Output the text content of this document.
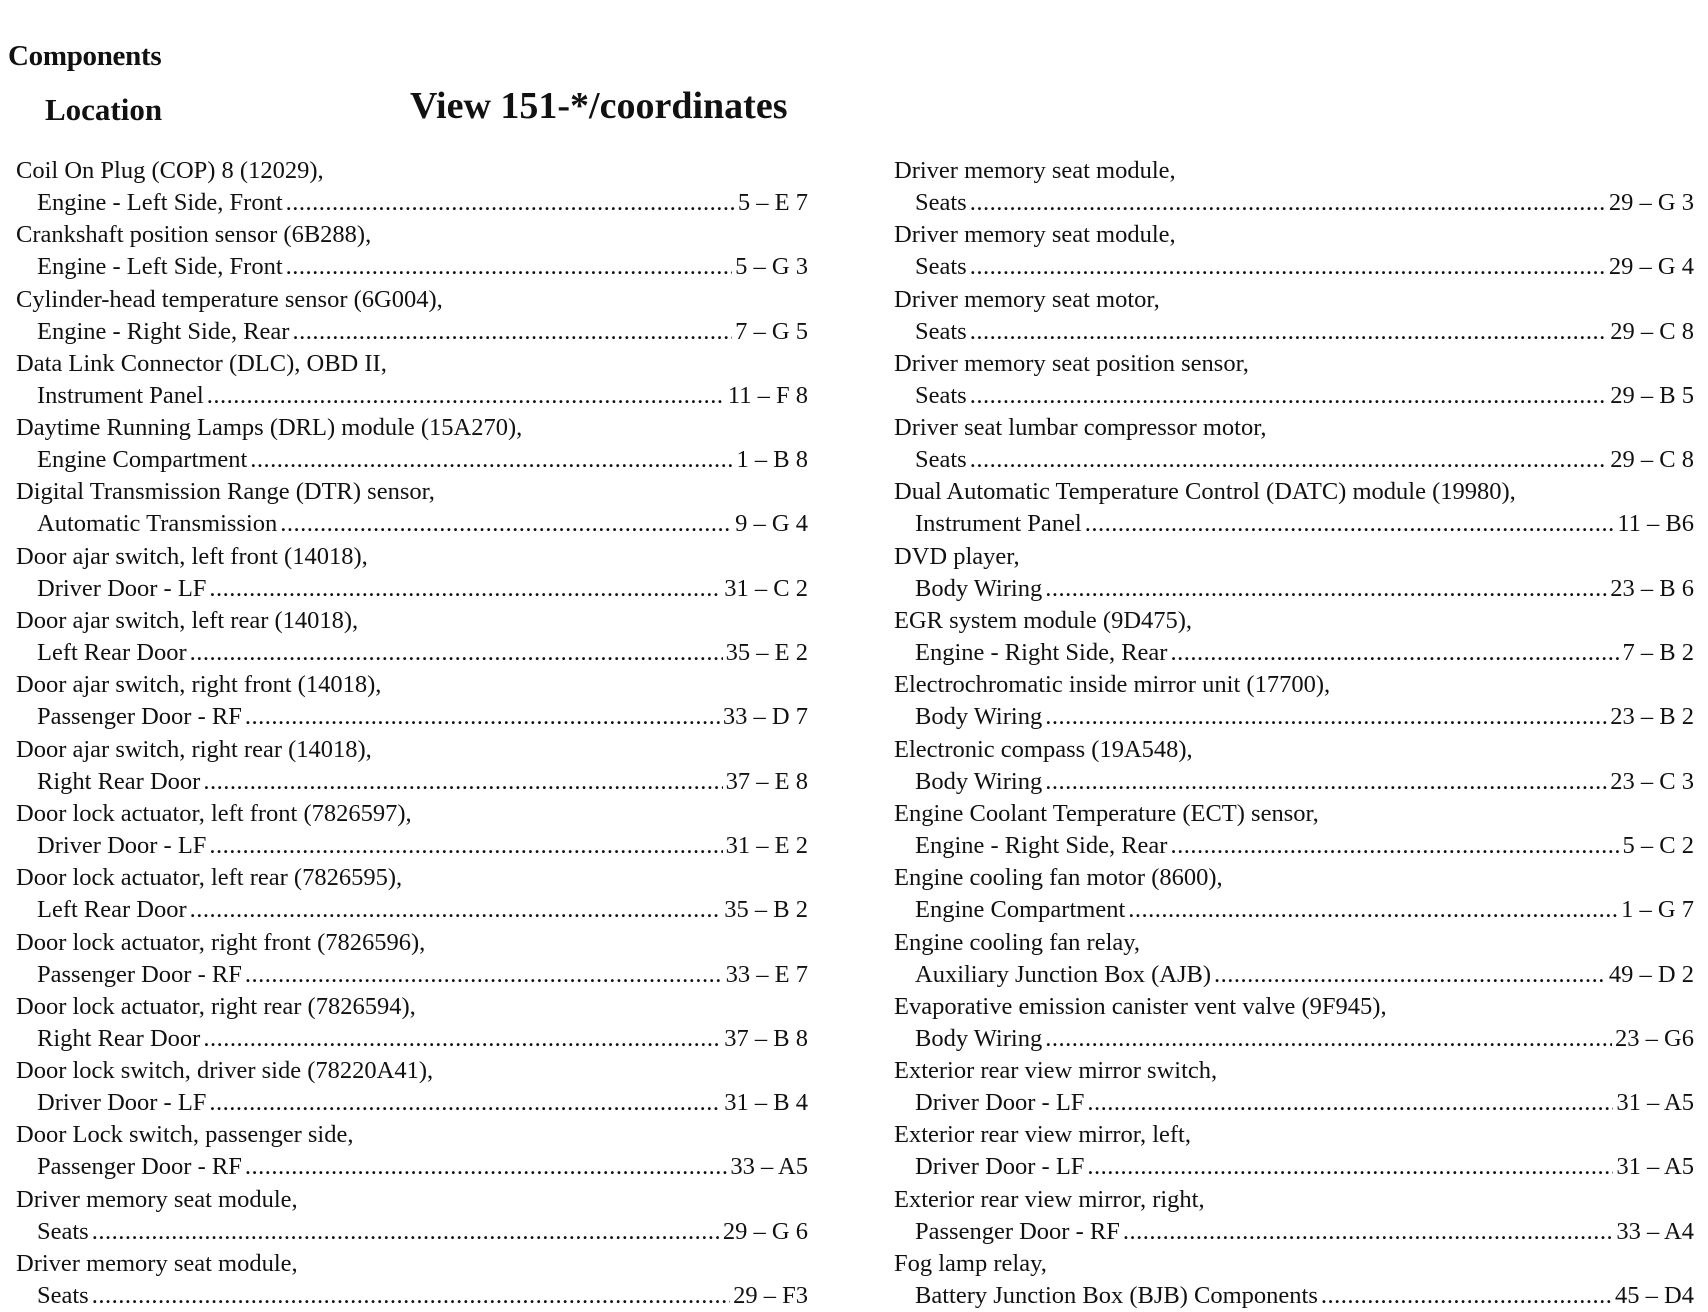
Components
Location	View 151-*/coordinates
Coil On Plug (COP) 8 (12029),
Engine - Left Side, Front .....	5 – E 7
Crankshaft position sensor (6B288),
Engine - Left Side, Front .....	5 – G 3
Cylinder-head temperature sensor (6G004),
Engine - Right Side, Rear .....	7 – G 5
Data Link Connector (DLC), OBD II,
Instrument Panel .....	11 – F 8
Daytime Running Lamps (DRL) module (15A270),
Engine Compartment .....	1 – B 8
Digital Transmission Range (DTR) sensor,
Automatic Transmission .....	9 – G 4
Door ajar switch, left front (14018),
Driver Door - LF .....	31 – C 2
Door ajar switch, left rear (14018),
Left Rear Door .....	35 – E 2
Door ajar switch, right front (14018),
Passenger Door - RF .....	33 – D 7
Door ajar switch, right rear (14018),
Right Rear Door .....	37 – E 8
Door lock actuator, left front (7826597),
Driver Door - LF .....	31 – E 2
Door lock actuator, left rear (7826595),
Left Rear Door .....	35 – B 2
Door lock actuator, right front (7826596),
Passenger Door - RF .....	33 – E 7
Door lock actuator, right rear (7826594),
Right Rear Door .....	37 – B 8
Door lock switch, driver side (78220A41),
Driver Door - LF .....	31 – B 4
Door Lock switch, passenger side,
Passenger Door - RF .....	33 – A5
Driver memory seat module,
Seats .....	29 – G 6
Driver memory seat module,
Seats .....	29 – F3
Driver memory seat module,
Seats .....	29 – G 3
Driver memory seat module,
Seats .....	29 – G 4
Driver memory seat motor,
Seats .....	29 – C 8
Driver memory seat position sensor,
Seats .....	29 – B 5
Driver seat lumbar compressor motor,
Seats .....	29 – C 8
Dual Automatic Temperature Control (DATC) module (19980),
Instrument Panel .....	11 – B6
DVD player,
Body Wiring .....	23 – B 6
EGR system module (9D475),
Engine - Right Side, Rear .....	7 – B 2
Electrochromatic inside mirror unit (17700),
Body Wiring .....	23 – B 2
Electronic compass (19A548),
Body Wiring .....	23 – C 3
Engine Coolant Temperature (ECT) sensor,
Engine - Right Side, Rear .....	5 – C 2
Engine cooling fan motor (8600),
Engine Compartment .....	1 – G 7
Engine cooling fan relay,
Auxiliary Junction Box (AJB) .....	49 – D 2
Evaporative emission canister vent valve (9F945),
Body Wiring .....	23 – G6
Exterior rear view mirror switch,
Driver Door - LF .....	31 – A5
Exterior rear view mirror, left,
Driver Door - LF .....	31 – A5
Exterior rear view mirror, right,
Passenger Door - RF .....	33 – A4
Fog lamp relay,
Battery Junction Box (BJB) Components .....	45 – D4
